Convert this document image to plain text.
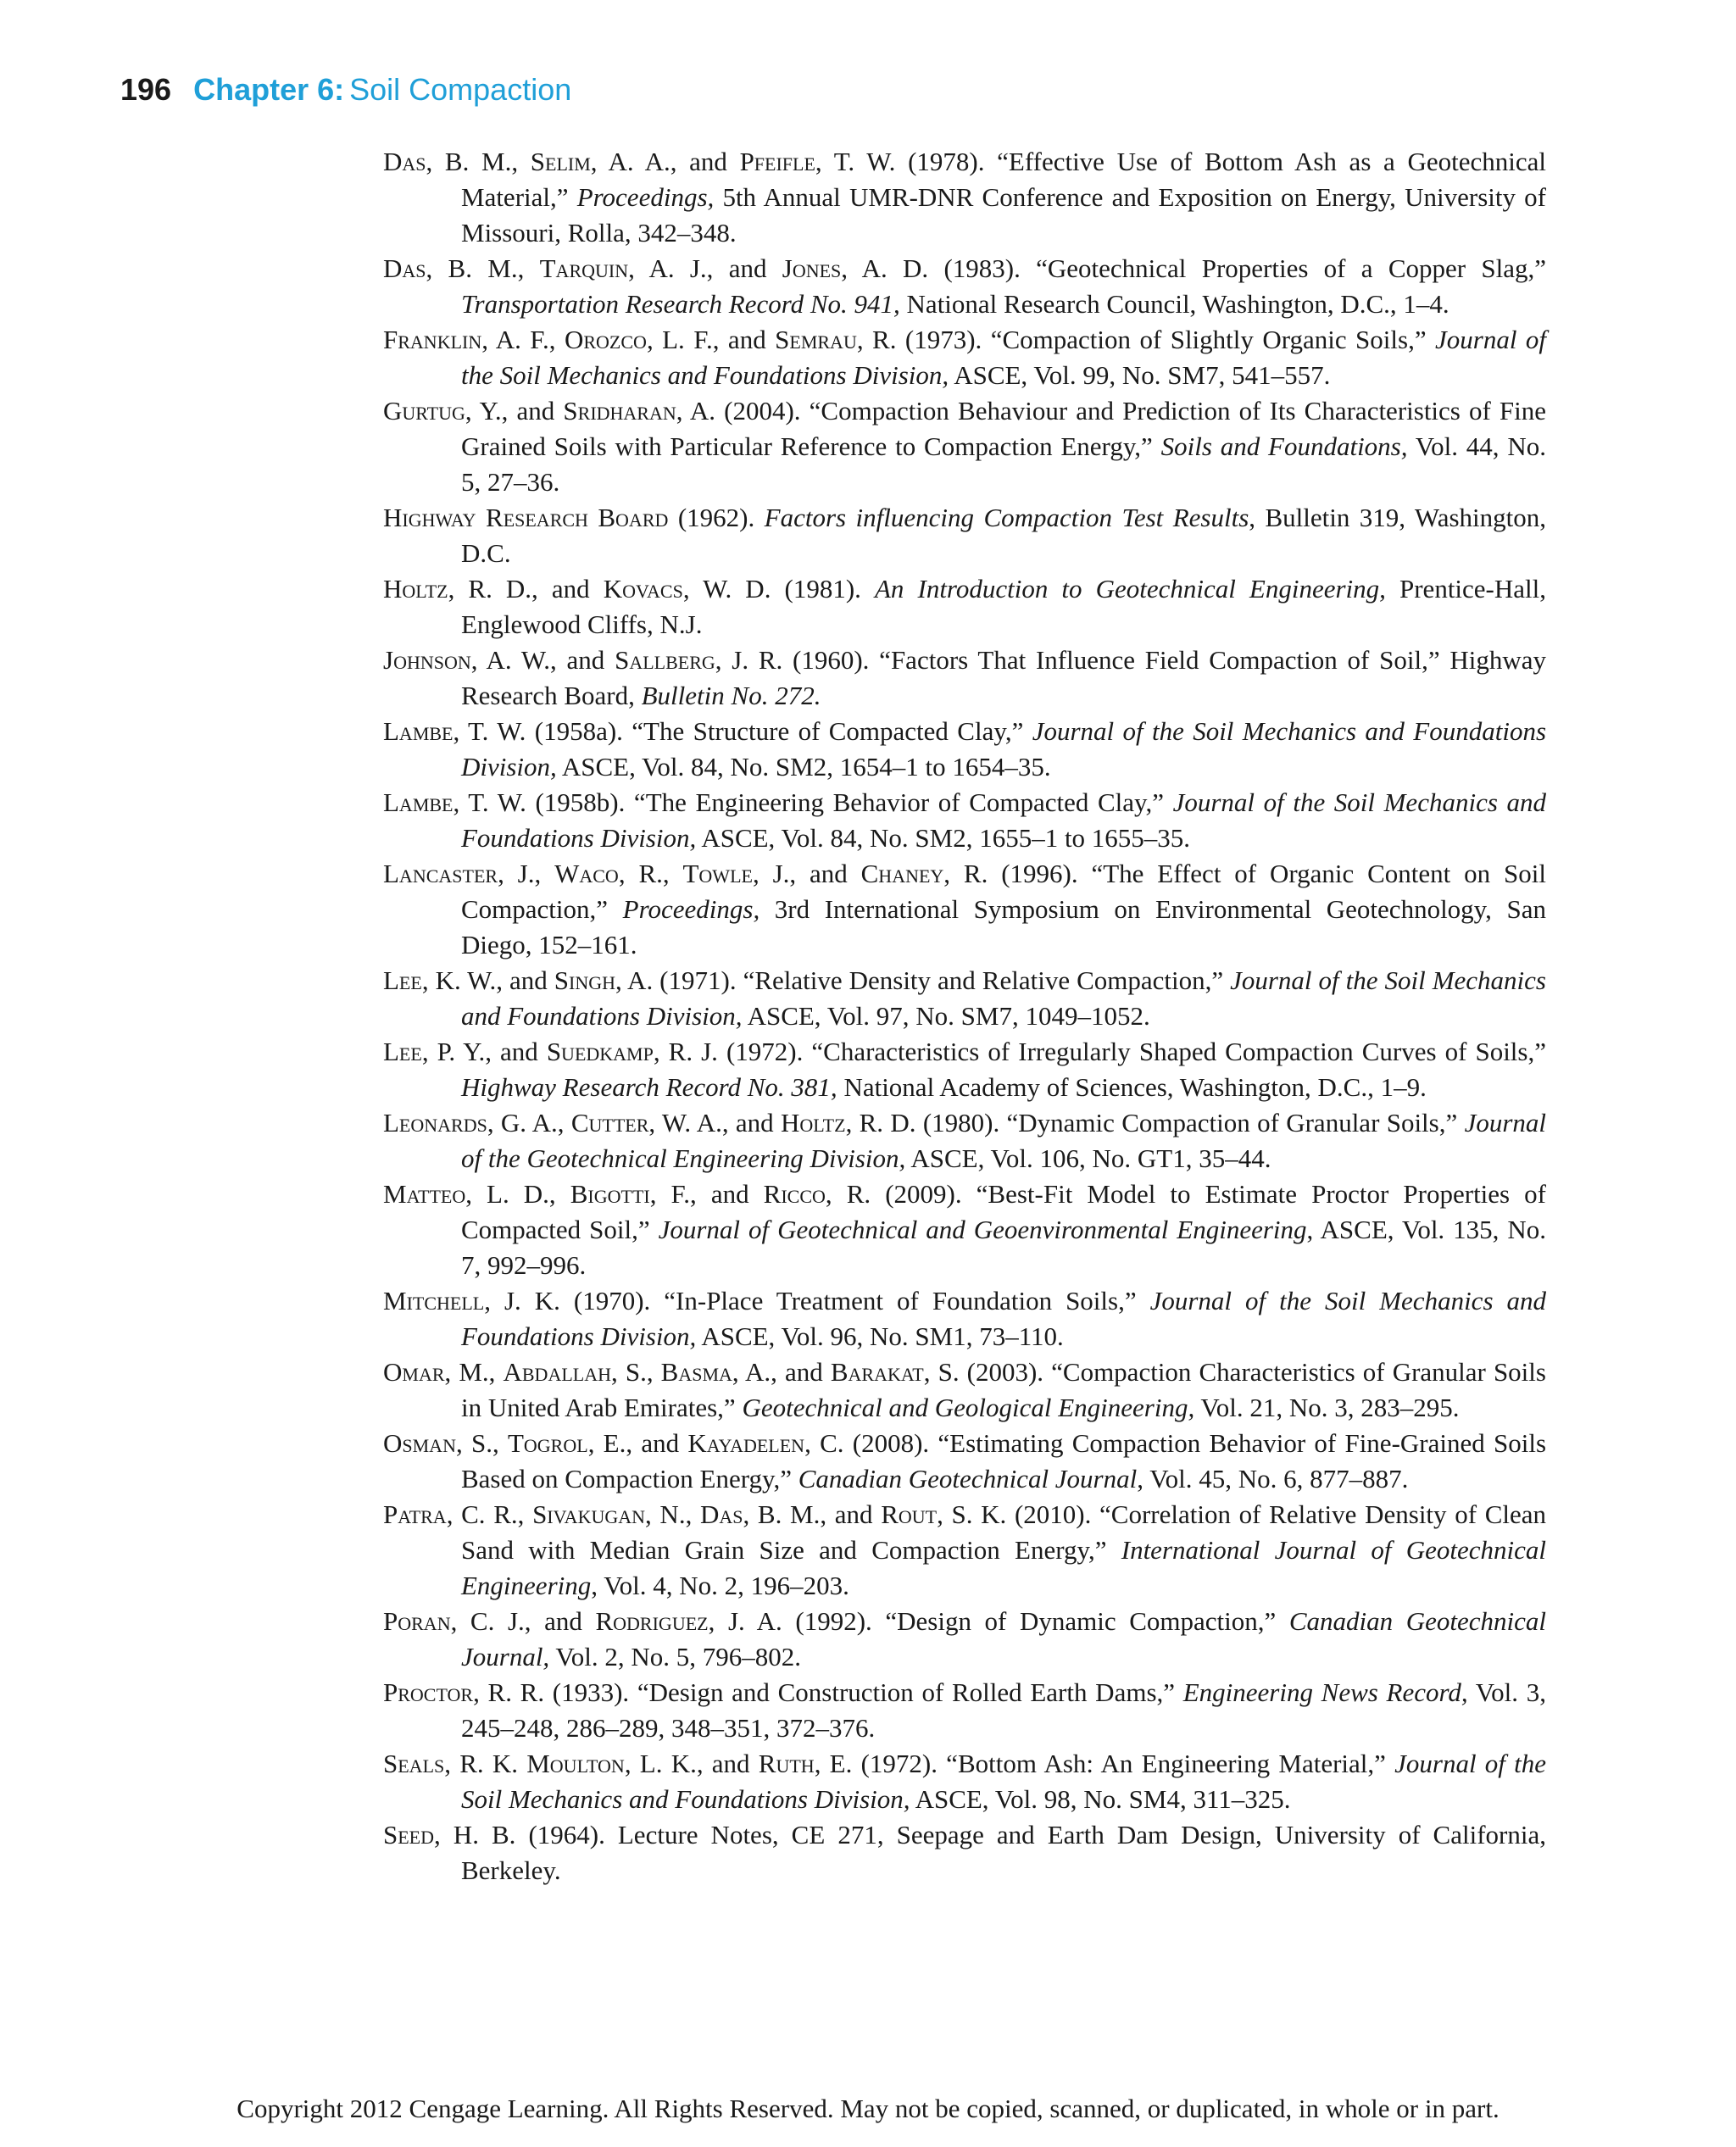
196 Chapter 6: Soil Compaction

Das, B. M., Selim, A. A., and Pfeifle, T. W. (1978). “Effective Use of Bottom Ash as a Geotechnical Material,” Proceedings, 5th Annual UMR-DNR Conference and Exposition on Energy, University of Missouri, Rolla, 342–348.

Das, B. M., Tarquin, A. J., and Jones, A. D. (1983). “Geotechnical Properties of a Copper Slag,” Transportation Research Record No. 941, National Research Council, Washington, D.C., 1–4.

Franklin, A. F., Orozco, L. F., and Semrau, R. (1973). “Compaction of Slightly Organic Soils,” Journal of the Soil Mechanics and Foundations Division, ASCE, Vol. 99, No. SM7, 541–557.

Gurtug, Y., and Sridharan, A. (2004). “Compaction Behaviour and Prediction of Its Characteristics of Fine Grained Soils with Particular Reference to Compaction Energy,” Soils and Foundations, Vol. 44, No. 5, 27–36.

Highway Research Board (1962). Factors influencing Compaction Test Results, Bulletin 319, Washington, D.C.

Holtz, R. D., and Kovacs, W. D. (1981). An Introduction to Geotechnical Engineering, Prentice-Hall, Englewood Cliffs, N.J.

Johnson, A. W., and Sallberg, J. R. (1960). “Factors That Influence Field Compaction of Soil,” Highway Research Board, Bulletin No. 272.

Lambe, T. W. (1958a). “The Structure of Compacted Clay,” Journal of the Soil Mechanics and Foundations Division, ASCE, Vol. 84, No. SM2, 1654–1 to 1654–35.

Lambe, T. W. (1958b). “The Engineering Behavior of Compacted Clay,” Journal of the Soil Mechanics and Foundations Division, ASCE, Vol. 84, No. SM2, 1655–1 to 1655–35.

Lancaster, J., Waco, R., Towle, J., and Chaney, R. (1996). “The Effect of Organic Content on Soil Compaction,” Proceedings, 3rd International Symposium on Environmental Geotechnology, San Diego, 152–161.

Lee, K. W., and Singh, A. (1971). “Relative Density and Relative Compaction,” Journal of the Soil Mechanics and Foundations Division, ASCE, Vol. 97, No. SM7, 1049–1052.

Lee, P. Y., and Suedkamp, R. J. (1972). “Characteristics of Irregularly Shaped Compaction Curves of Soils,” Highway Research Record No. 381, National Academy of Sciences, Washington, D.C., 1–9.

Leonards, G. A., Cutter, W. A., and Holtz, R. D. (1980). “Dynamic Compaction of Granular Soils,” Journal of the Geotechnical Engineering Division, ASCE, Vol. 106, No. GT1, 35–44.

Matteo, L. D., Bigotti, F., and Ricco, R. (2009). “Best-Fit Model to Estimate Proctor Properties of Compacted Soil,” Journal of Geotechnical and Geoenvironmental Engineering, ASCE, Vol. 135, No. 7, 992–996.

Mitchell, J. K. (1970). “In-Place Treatment of Foundation Soils,” Journal of the Soil Mechanics and Foundations Division, ASCE, Vol. 96, No. SM1, 73–110.

Omar, M., Abdallah, S., Basma, A., and Barakat, S. (2003). “Compaction Characteristics of Granular Soils in United Arab Emirates,” Geotechnical and Geological Engineering, Vol. 21, No. 3, 283–295.

Osman, S., Togrol, E., and Kayadelen, C. (2008). “Estimating Compaction Behavior of Fine-Grained Soils Based on Compaction Energy,” Canadian Geotechnical Journal, Vol. 45, No. 6, 877–887.

Patra, C. R., Sivakugan, N., Das, B. M., and Rout, S. K. (2010). “Correlation of Relative Density of Clean Sand with Median Grain Size and Compaction Energy,” International Journal of Geotechnical Engineering, Vol. 4, No. 2, 196–203.

Poran, C. J., and Rodriguez, J. A. (1992). “Design of Dynamic Compaction,” Canadian Geotechnical Journal, Vol. 2, No. 5, 796–802.

Proctor, R. R. (1933). “Design and Construction of Rolled Earth Dams,” Engineering News Record, Vol. 3, 245–248, 286–289, 348–351, 372–376.

Seals, R. K. Moulton, L. K., and Ruth, E. (1972). “Bottom Ash: An Engineering Material,” Journal of the Soil Mechanics and Foundations Division, ASCE, Vol. 98, No. SM4, 311–325.

Seed, H. B. (1964). Lecture Notes, CE 271, Seepage and Earth Dam Design, University of California, Berkeley.

Copyright 2012 Cengage Learning. All Rights Reserved. May not be copied, scanned, or duplicated, in whole or in part.
